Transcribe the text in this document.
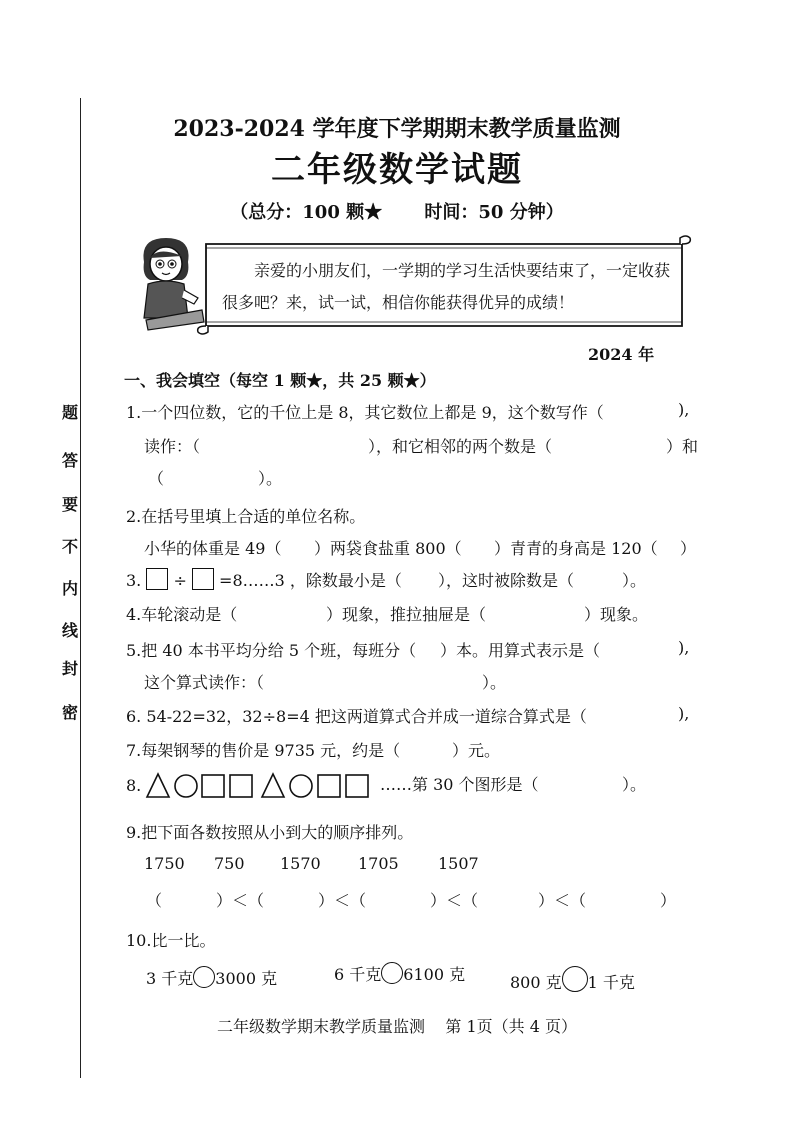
题
答
要
不
内
线
封
密
2023-2024 学年度下学期期末教学质量监测
二年级数学试题
（总分：100 颗★ 时间：50 分钟）
亲爱的小朋友们，一学期的学习生活快要结束了，一定收获
很多吧？来，试一试，相信你能获得优异的成绩！
2024 年
一、我会填空（每空 1 颗★，共 25 颗★）
1.一个四位数，它的千位上是 8，其它数位上都是 9，这个数写作（	),
读作：（	），和它相邻的两个数是（	）和
（	）。
2.在括号里填上合适的单位名称。
小华的体重是 49（ ）两袋食盐重 800（ ）青青的身高是 120（ ）
3. ÷ =8……3 ，除数最小是（ ），这时被除数是（	）。
4.车轮滚动是（	）现象，推拉抽屉是（	）现象。
5.把 40 本书平均分给 5 个班，每班分（ ）本。用算式表示是（	),
这个算式读作：（	）。
6. 54-22=32，32÷8=4 把这两道算式合并成一道综合算式是（	),
7.每架钢琴的售价是 9735 元，约是（	）元。
8.	……第 30 个图形是（	）。
9.把下面各数按照从小到大的顺序排列。
1750 750 1570 1705 1507
（	）＜（	）＜（	）＜（	）＜（	）
10.比一比。
3 千克 3000 克	6 千克 6100 克	800 克 1 千克
二年级数学期末教学质量监测    第 1页（共 4 页）
